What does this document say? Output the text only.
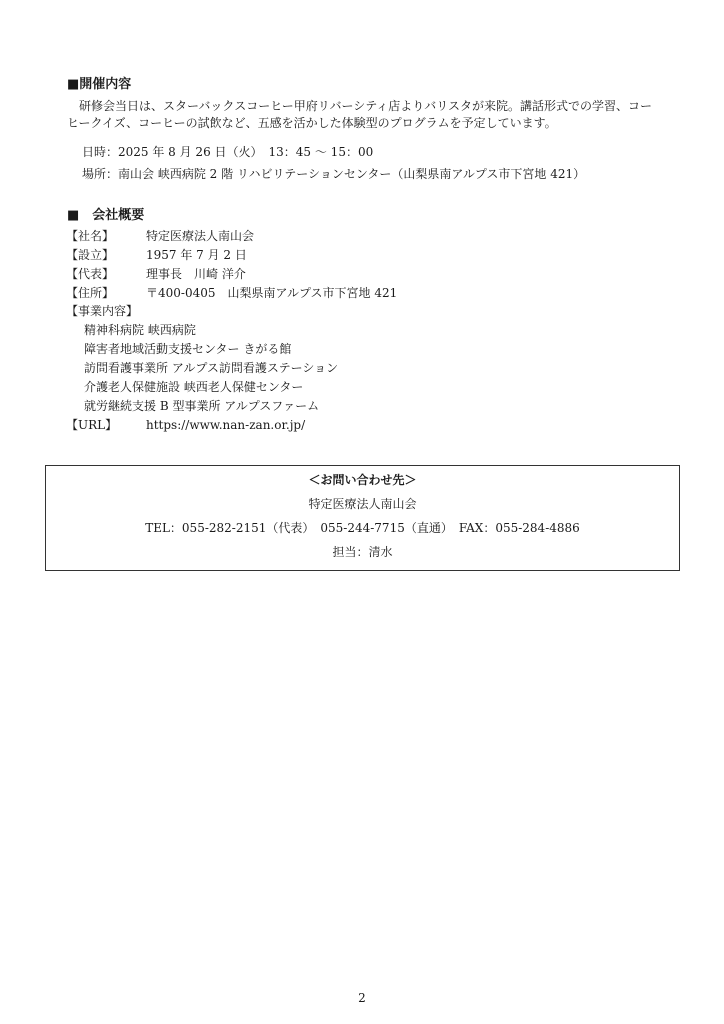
■開催内容
研修会当日は、スターバックスコーヒー甲府リバーシティ店よりバリスタが来院。講話形式での学習、コーヒークイズ、コーヒーの試飲など、五感を活かした体験型のプログラムを予定しています。
日時：2025 年 8 月 26 日（火）　13：45 ～ 15：00
場所：南山会 峡西病院 2 階 リハビリテーションセンター（山梨県南アルプス市下宮地 421）
■　会社概要
【社名】	特定医療法人南山会
【設立】	1957 年 7 月 2 日
【代表】	理事長　川崎 洋介
【住所】	〒400-0405　山梨県南アルプス市下宮地 421
【事業内容】
精神科病院 峡西病院
障害者地域活動支援センター きがる館
訪問看護事業所 アルプス訪問看護ステーション
介護老人保健施設 峡西老人保健センター
就労継続支援 B 型事業所 アルプスファーム
【URL】 https://www.nan-zan.or.jp/
＜お問い合わせ先＞
特定医療法人南山会
TEL：055-282-2151（代表）　055-244-7715（直通）　FAX：055-284-4886
担当：清水
2
